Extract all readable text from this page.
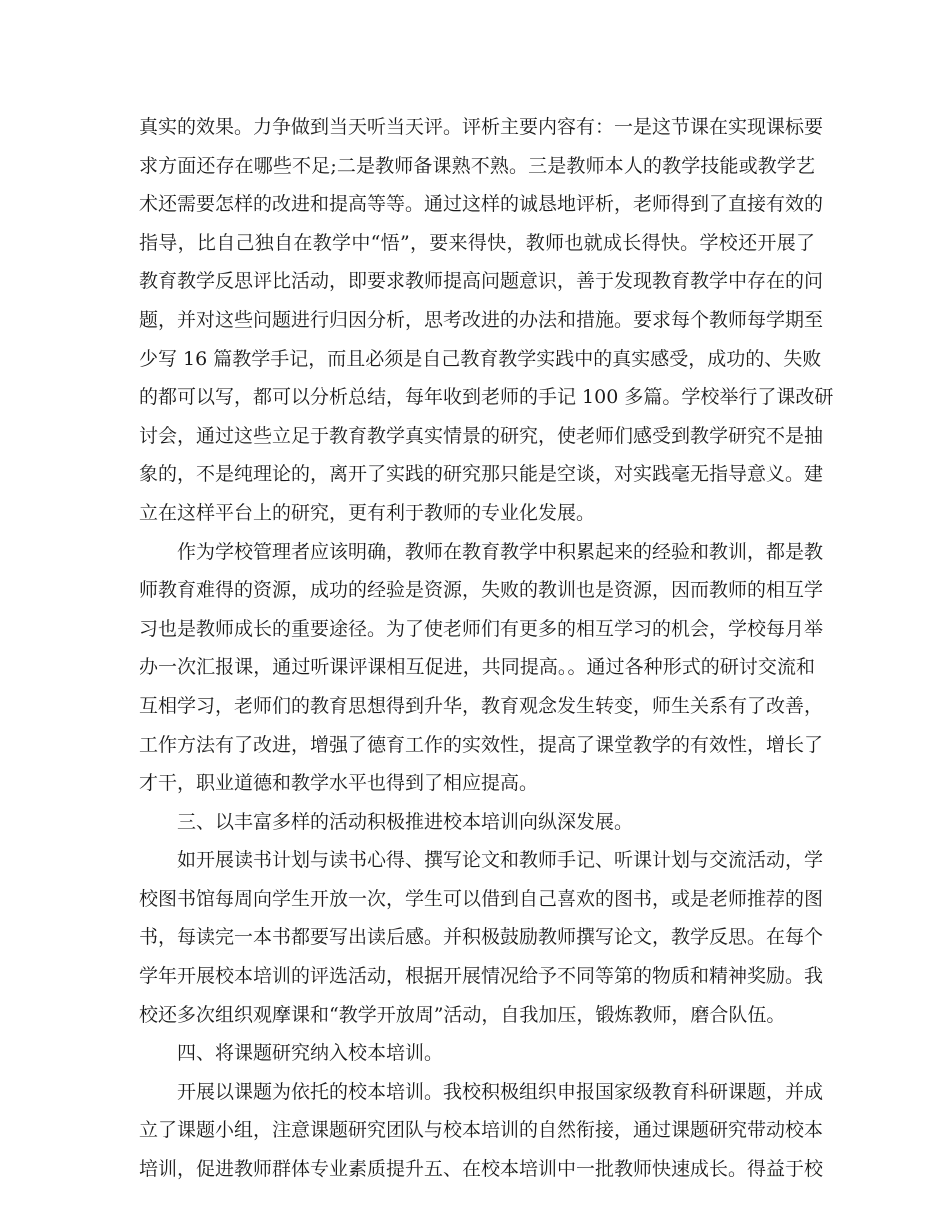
真实的效果。力争做到当天听当天评。评析主要内容有：一是这节课在实现课标要
求方面还存在哪些不足;二是教师备课熟不熟。三是教师本人的教学技能或教学艺
术还需要怎样的改进和提高等等。通过这样的诚恳地评析，老师得到了直接有效的
指导，比自己独自在教学中“悟”，要来得快，教师也就成长得快。学校还开展了
教育教学反思评比活动，即要求教师提高问题意识，善于发现教育教学中存在的问
题，并对这些问题进行归因分析，思考改进的办法和措施。要求每个教师每学期至
少写 16 篇教学手记，而且必须是自己教育教学实践中的真实感受，成功的、失败
的都可以写，都可以分析总结，每年收到老师的手记 100 多篇。学校举行了课改研
讨会，通过这些立足于教育教学真实情景的研究，使老师们感受到教学研究不是抽
象的，不是纯理论的，离开了实践的研究那只能是空谈，对实践毫无指导意义。建
立在这样平台上的研究，更有利于教师的专业化发展。
作为学校管理者应该明确，教师在教育教学中积累起来的经验和教训，都是教
师教育难得的资源，成功的经验是资源，失败的教训也是资源，因而教师的相互学
习也是教师成长的重要途径。为了使老师们有更多的相互学习的机会，学校每月举
办一次汇报课，通过听课评课相互促进，共同提高。。通过各种形式的研讨交流和
互相学习，老师们的教育思想得到升华，教育观念发生转变，师生关系有了改善，
工作方法有了改进，增强了德育工作的实效性，提高了课堂教学的有效性，增长了
才干，职业道德和教学水平也得到了相应提高。
三、以丰富多样的活动积极推进校本培训向纵深发展。
如开展读书计划与读书心得、撰写论文和教师手记、听课计划与交流活动，学
校图书馆每周向学生开放一次，学生可以借到自己喜欢的图书，或是老师推荐的图
书，每读完一本书都要写出读后感。并积极鼓励教师撰写论文，教学反思。在每个
学年开展校本培训的评选活动，根据开展情况给予不同等第的物质和精神奖励。我
校还多次组织观摩课和“教学开放周”活动，自我加压，锻炼教师，磨合队伍。
四、将课题研究纳入校本培训。
开展以课题为依托的校本培训。我校积极组织申报国家级教育科研课题，并成
立了课题小组，注意课题研究团队与校本培训的自然衔接，通过课题研究带动校本
培训，促进教师群体专业素质提升五、在校本培训中一批教师快速成长。得益于校
